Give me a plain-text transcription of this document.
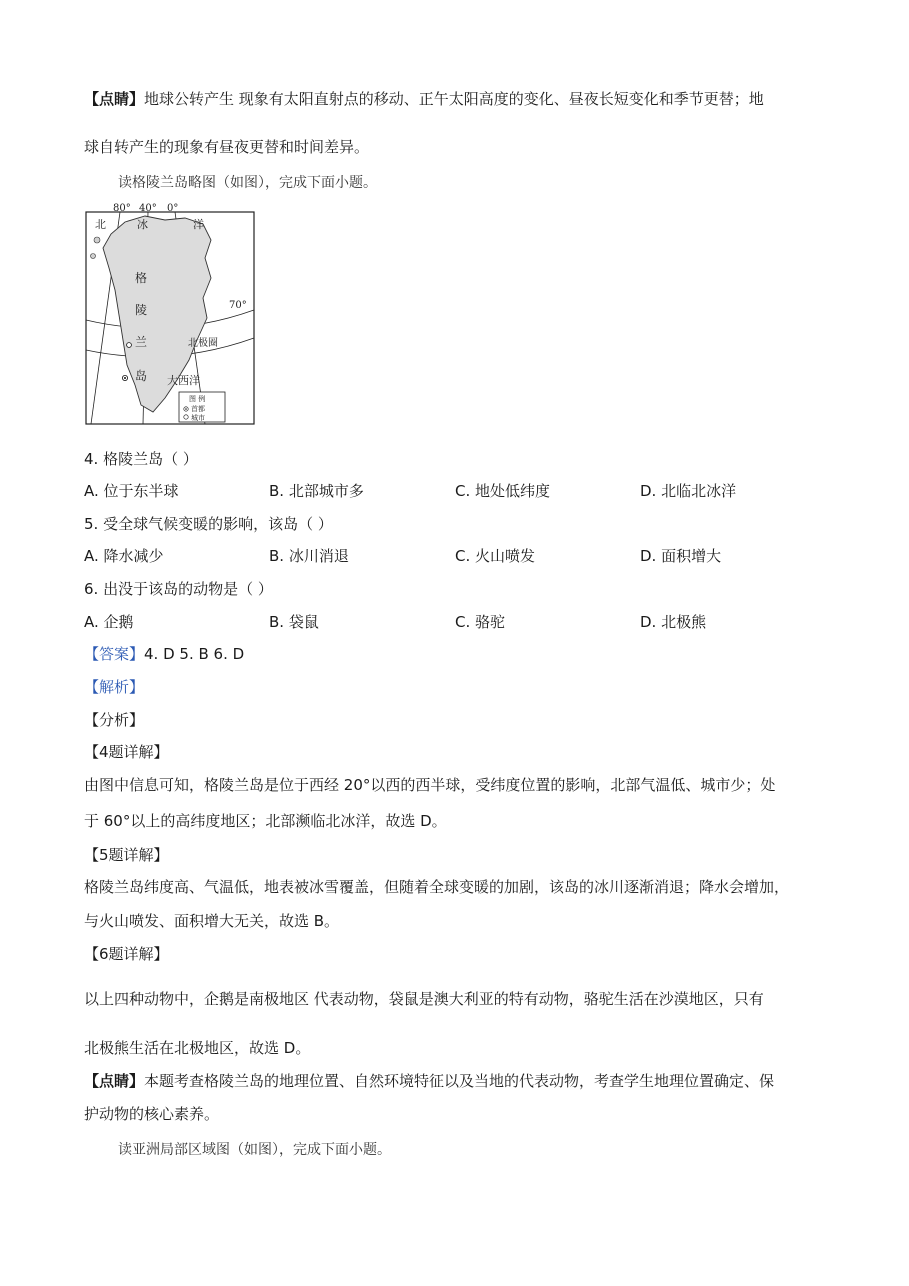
【点睛】地球公转产生 现象有太阳直射点的移动、正午太阳高度的变化、昼夜长短变化和季节更替；地
球自转产生的现象有昼夜更替和时间差异。
读格陵兰岛略图（如图），完成下面小题。
80° 40° 0°
北	冰	洋
格
陵
兰
岛
70°
北极圈
大西洋
图 例
首都
城市
4. 格陵兰岛（ ）
A. 位于东半球	B. 北部城市多	C. 地处低纬度	D. 北临北冰洋
5. 受全球气候变暖的影响，该岛（ ）
A. 降水减少	B. 冰川消退	C. 火山喷发	D. 面积增大
6. 出没于该岛的动物是（ ）
A. 企鹅	B. 袋鼠	C. 骆驼	D. 北极熊
【答案】4. D 5. B 6. D
【解析】
【分析】
【4题详解】
由图中信息可知，格陵兰岛是位于西经 20°以西的西半球，受纬度位置的影响，北部气温低、城市少；处
于 60°以上的高纬度地区；北部濒临北冰洋，故选 D。
【5题详解】
格陵兰岛纬度高、气温低，地表被冰雪覆盖，但随着全球变暖的加剧，该岛的冰川逐渐消退；降水会增加，
与火山喷发、面积增大无关，故选 B。
【6题详解】
以上四种动物中，企鹅是南极地区 代表动物，袋鼠是澳大利亚的特有动物，骆驼生活在沙漠地区，只有
北极熊生活在北极地区，故选 D。
【点睛】本题考查格陵兰岛的地理位置、自然环境特征以及当地的代表动物，考查学生地理位置确定、保
护动物的核心素养。
读亚洲局部区域图（如图），完成下面小题。
